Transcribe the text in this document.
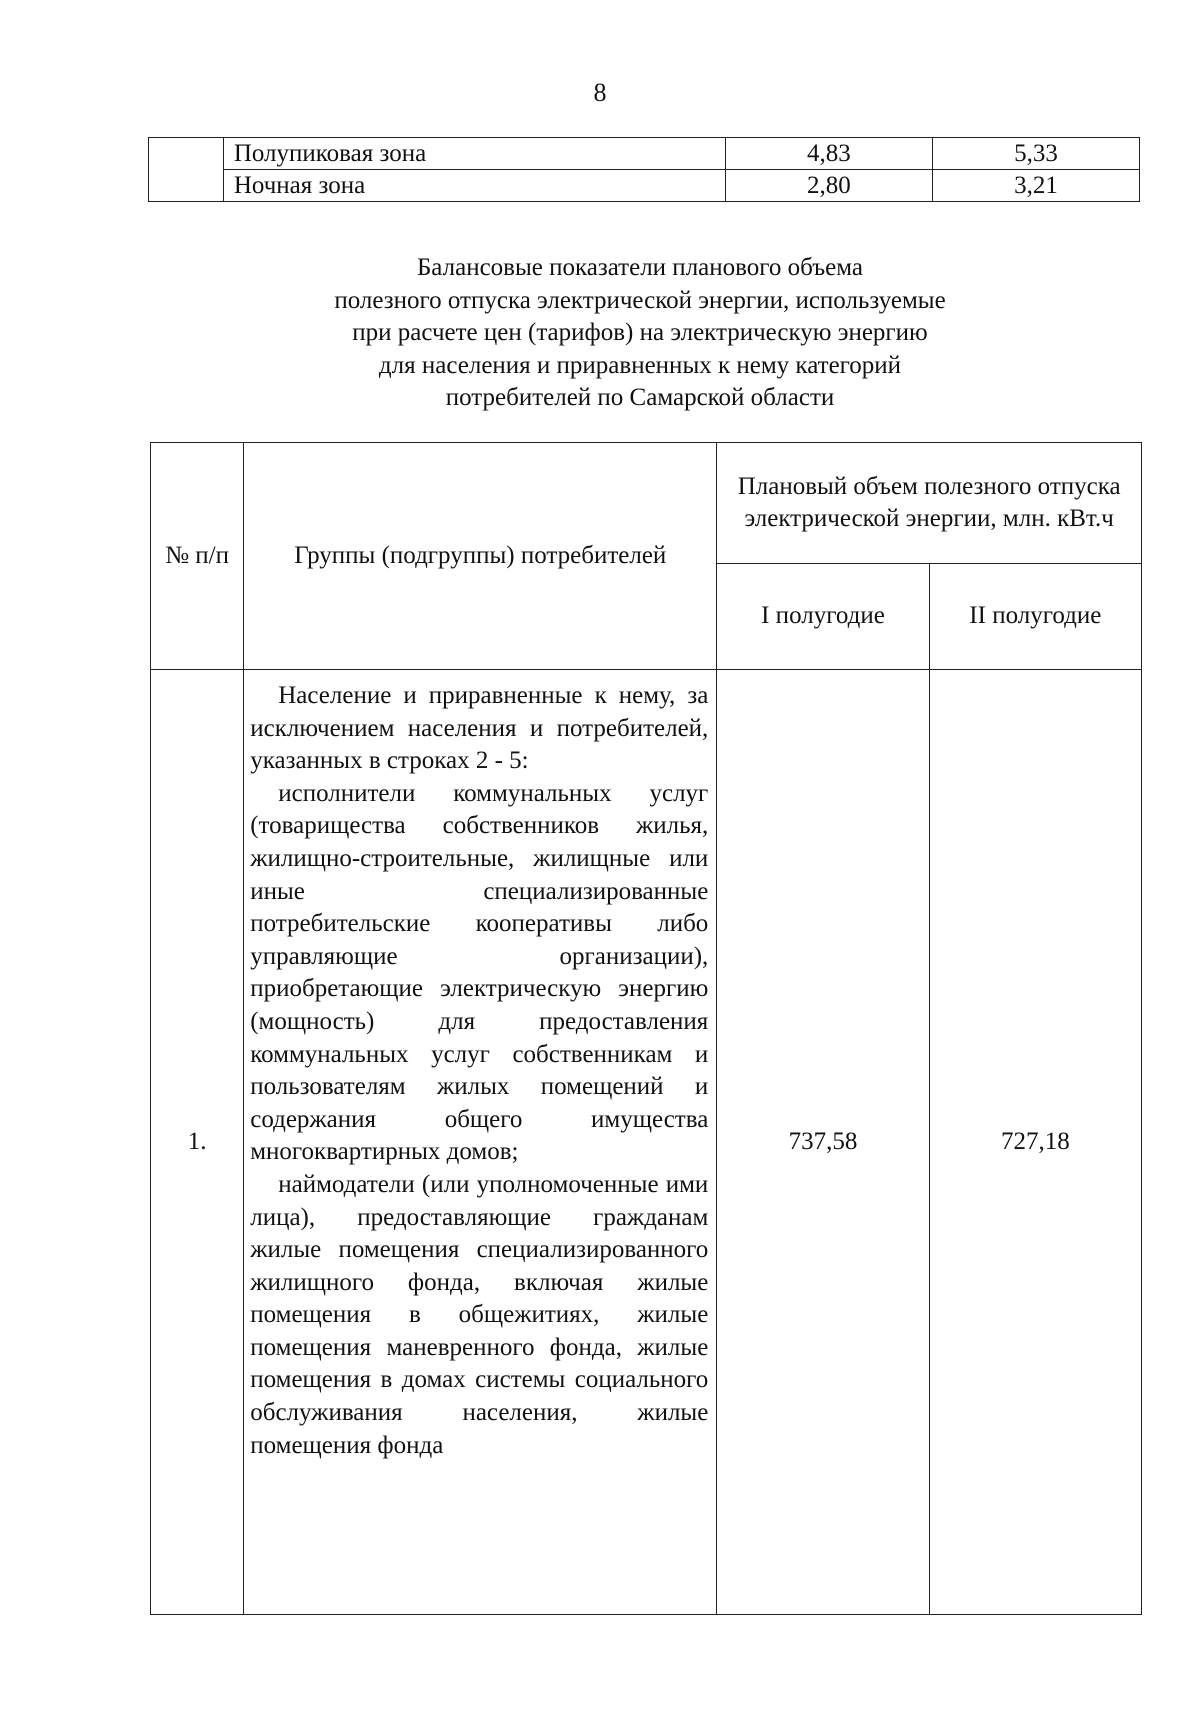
8
	Полупиковая зона	4,83	5,33
	Ночная зона	2,80	3,21
Балансовые показатели планового объема
полезного отпуска электрической энергии, используемые
при расчете цен (тарифов) на электрическую энергию
для населения и приравненных к нему категорий
потребителей по Самарской области
№ п/п	Группы (подгруппы) потребителей	Плановый объем полезного отпуска электрической энергии, млн. кВт.ч	
		I полугодие	II полугодие
1.	Население и приравненные к нему, за исключением населения и потребителей, указанных в строках 2 - 5:
исполнители коммунальных услуг (товарищества собственников жилья, жилищно-строительные, жилищные или иные специализированные потребительские кооперативы либо управляющие организации), приобретающие электрическую энергию (мощность) для предоставления коммунальных услуг собственникам и пользователям жилых помещений и содержания общего имущества многоквартирных домов;
наймодатели (или уполномоченные ими лица), предоставляющие гражданам жилые помещения специализированного жилищного фонда, включая жилые помещения в общежитиях, жилые помещения маневренного фонда, жилые помещения в домах системы социального обслуживания населения, жилые помещения фонда	737,58	727,18
